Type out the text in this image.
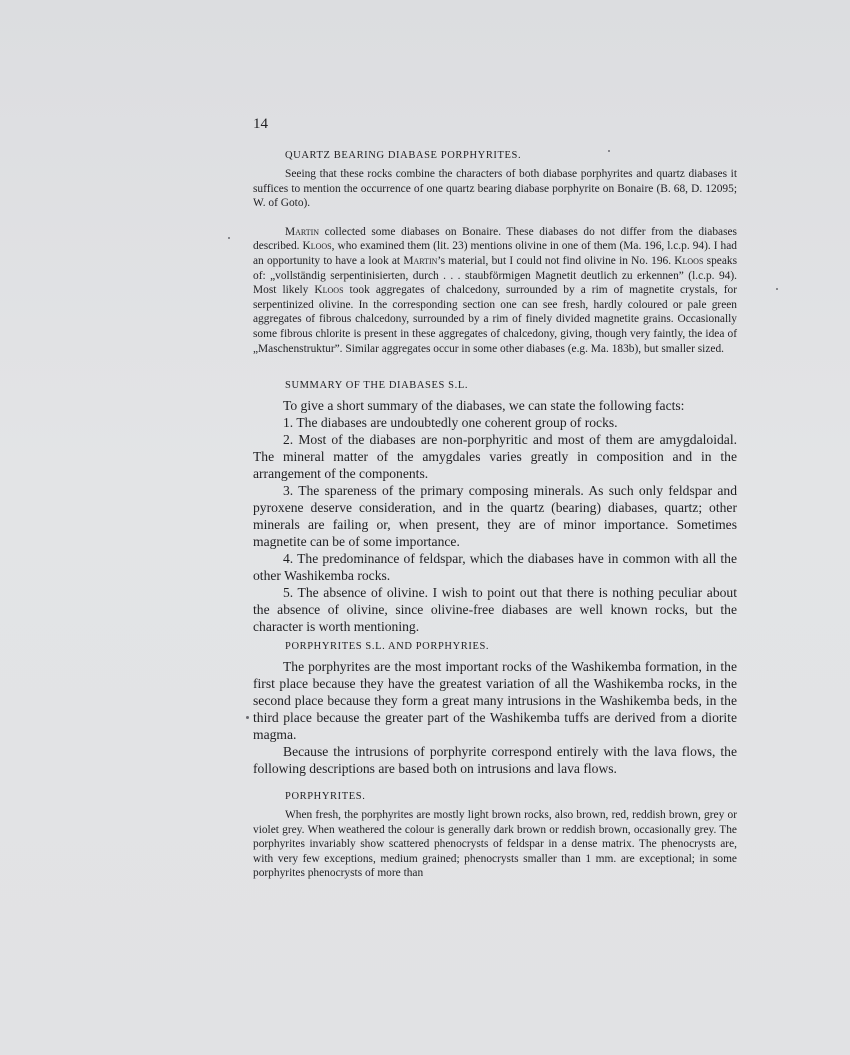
14

QUARTZ BEARING DIABASE PORPHYRITES.

Seeing that these rocks combine the characters of both diabase porphyrites and quartz diabases it suffices to mention the occurrence of one quartz bearing diabase porphyrite on Bonaire (B. 68, D. 12095; W. of Goto).

Martin collected some diabases on Bonaire. These diabases do not differ from the diabases described. Kloos, who examined them (lit. 23) mentions olivine in one of them (Ma. 196, l.c.p. 94). I had an opportunity to have a look at Martin’s material, but I could not find olivine in No. 196. Kloos speaks of: „vollständig serpentinisierten, durch . . . staubförmigen Magnetit deutlich zu erkennen” (l.c.p. 94). Most likely Kloos took aggregates of chalcedony, surrounded by a rim of magnetite crystals, for serpentinized olivine. In the corresponding section one can see fresh, hardly coloured or pale green aggregates of fibrous chalcedony, surrounded by a rim of finely divided magnetite grains. Occasionally some fibrous chlorite is present in these aggregates of chalcedony, giving, though very faintly, the idea of „Maschenstruktur”. Similar aggregates occur in some other diabases (e.g. Ma. 183b), but smaller sized.

SUMMARY OF THE DIABASES S.L.

To give a short summary of the diabases, we can state the following facts:

1. The diabases are undoubtedly one coherent group of rocks.

2. Most of the diabases are non-porphyritic and most of them are amygdaloidal. The mineral matter of the amygdales varies greatly in composition and in the arrangement of the components.

3. The spareness of the primary composing minerals. As such only feldspar and pyroxene deserve consideration, and in the quartz (bearing) diabases, quartz; other minerals are failing or, when present, they are of minor importance. Sometimes magnetite can be of some importance.

4. The predominance of feldspar, which the diabases have in common with all the other Washikemba rocks.

5. The absence of olivine. I wish to point out that there is nothing peculiar about the absence of olivine, since olivine-free diabases are well known rocks, but the character is worth mentioning.

PORPHYRITES S.L. AND PORPHYRIES.

The porphyrites are the most important rocks of the Washikemba formation, in the first place because they have the greatest variation of all the Washikemba rocks, in the second place because they form a great many intrusions in the Washikemba beds, in the third place because the greater part of the Washikemba tuffs are derived from a diorite magma.

Because the intrusions of porphyrite correspond entirely with the lava flows, the following descriptions are based both on intrusions and lava flows.

PORPHYRITES.

When fresh, the porphyrites are mostly light brown rocks, also brown, red, reddish brown, grey or violet grey. When weathered the colour is generally dark brown or reddish brown, occasionally grey. The porphyrites invariably show scattered phenocrysts of feldspar in a dense matrix. The phenocrysts are, with very few exceptions, medium grained; phenocrysts smaller than 1 mm. are exceptional; in some porphyrites phenocrysts of more than
